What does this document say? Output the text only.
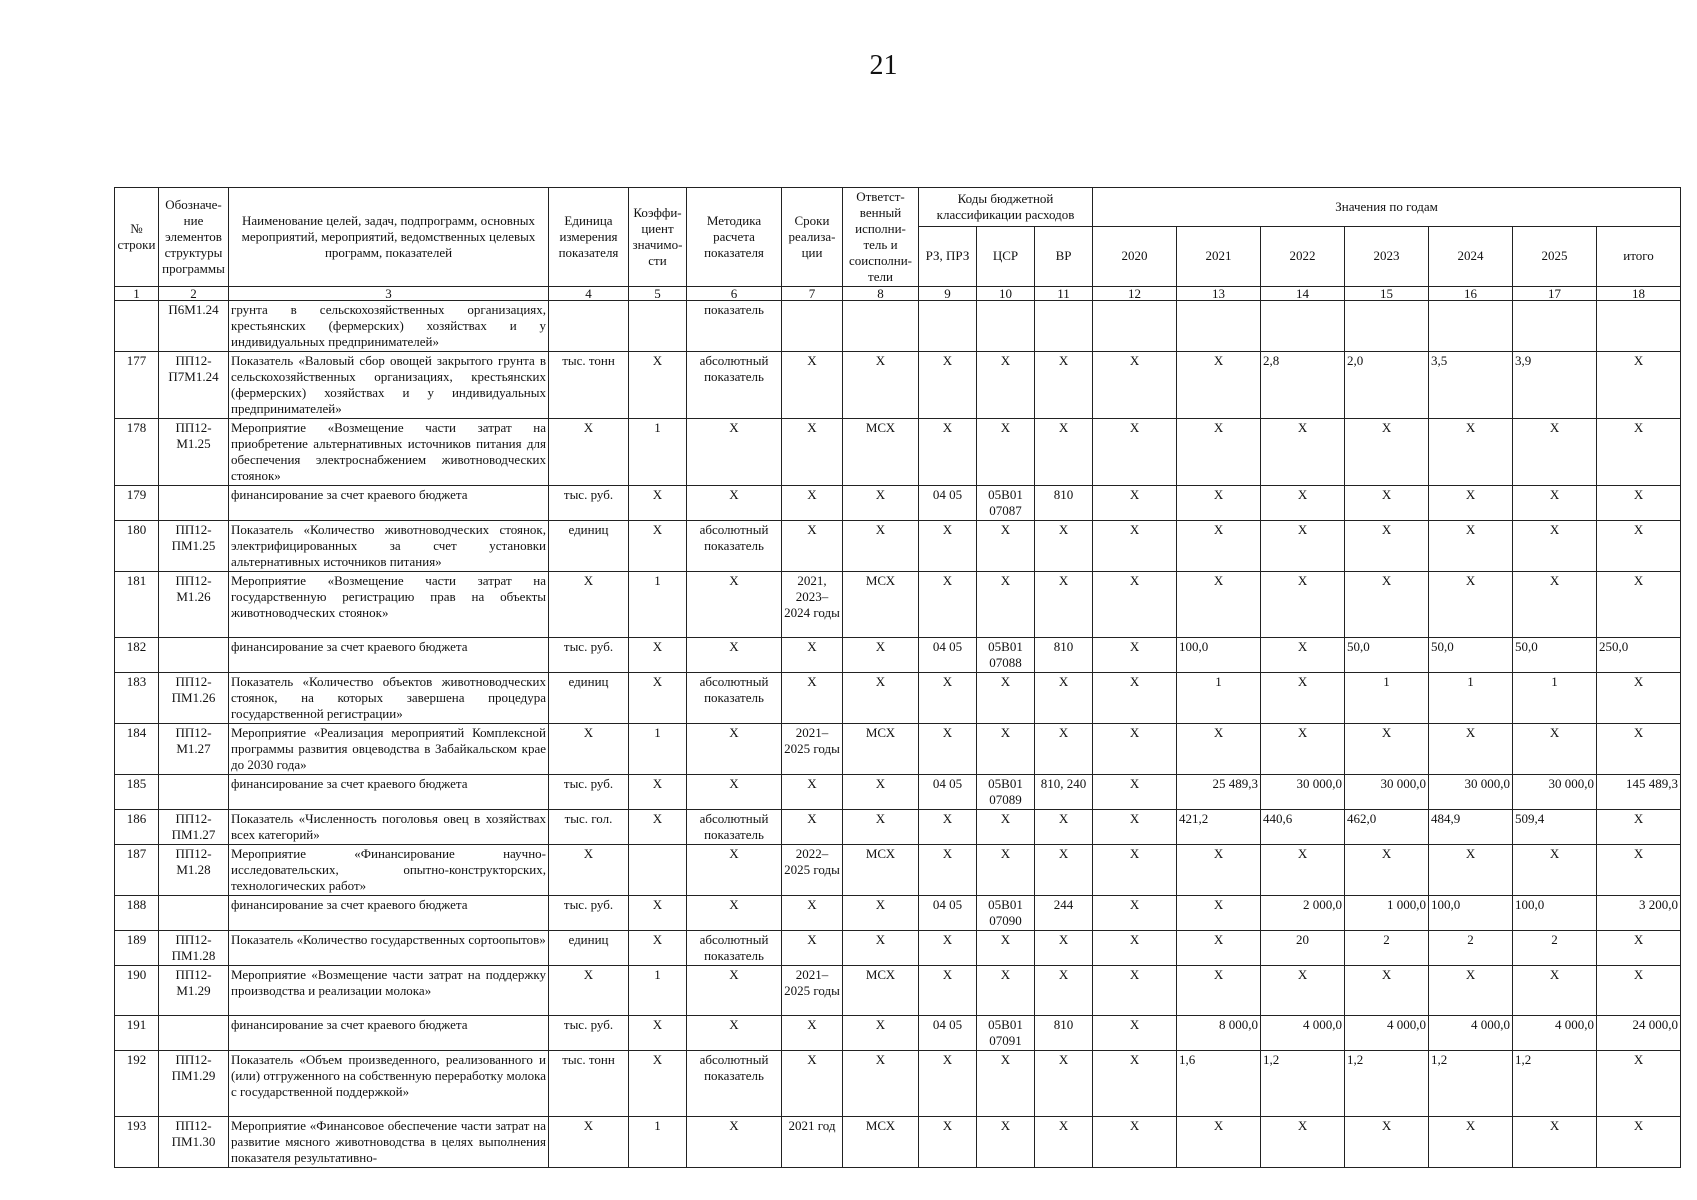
21
№ строки	Обозначе-ние элементов структуры программы	Наименование целей, задач, подпрограмм, основных мероприятий, мероприятий, ведомственных целевых программ, показателей	Единица измерения показателя	Коэффи-циент значимо-сти	Методика расчета показателя	Сроки реализа-ции	Ответст-венный исполни-тель и соисполни-тели	Коды бюджетной классификации расходов			Значения по годам						
								РЗ, ПРЗ	ЦСР	ВР	2020	2021	2022	2023	2024	2025	итого
1	2	3	4	5	6	7	8	9	10	11	12	13	14	15	16	17	18
	П6М1.24	грунта в сельскохозяйственных организациях, крестьянских (фермерских) хозяйствах и у индивидуальных предпринимателей»			показатель												
177	ПП12-П7М1.24	Показатель «Валовый сбор овощей закрытого грунта в сельскохозяйственных организациях, крестьянских (фермерских) хозяйствах и у индивидуальных предпринимателей»	тыс. тонн	Х	абсолютный показатель	Х	Х	Х	Х	Х	Х	Х	2,8	2,0	3,5	3,9	Х
178	ПП12-М1.25	Мероприятие «Возмещение части затрат на приобретение альтернативных источников питания для обеспечения электроснабжением животноводческих стоянок»	Х	1	Х	Х	МСХ	Х	Х	Х	Х	Х	Х	Х	Х	Х	Х
179		финансирование за счет краевого бюджета	тыс. руб.	Х	Х	Х	Х	04 05	05В01 07087	810	Х	Х	Х	Х	Х	Х	Х
180	ПП12-ПМ1.25	Показатель «Количество животноводческих стоянок, электрифицированных за счет установки альтернативных источников питания»	единиц	Х	абсолютный показатель	Х	Х	Х	Х	Х	Х	Х	Х	Х	Х	Х	Х
181	ПП12-М1.26	Мероприятие «Возмещение части затрат на государственную регистрацию прав на объекты животноводческих стоянок»	Х	1	Х	2021, 2023–2024 годы	МСХ	Х	Х	Х	Х	Х	Х	Х	Х	Х	Х
182		финансирование за счет краевого бюджета	тыс. руб.	Х	Х	Х	Х	04 05	05В01 07088	810	Х	100,0	Х	50,0	50,0	50,0	250,0
183	ПП12-ПМ1.26	Показатель «Количество объектов животноводческих стоянок, на которых завершена процедура государственной регистрации»	единиц	Х	абсолютный показатель	Х	Х	Х	Х	Х	Х	1	Х	1	1	1	Х
184	ПП12-М1.27	Мероприятие «Реализация мероприятий Комплексной программы развития овцеводства в Забайкальском крае до 2030 года»	Х	1	Х	2021–2025 годы	МСХ	Х	Х	Х	Х	Х	Х	Х	Х	Х	Х
185		финансирование за счет краевого бюджета	тыс. руб.	Х	Х	Х	Х	04 05	05В01 07089	810, 240	Х	25 489,3	30 000,0	30 000,0	30 000,0	30 000,0	145 489,3
186	ПП12-ПМ1.27	Показатель «Численность поголовья овец в хозяйствах всех категорий»	тыс. гол.	Х	абсолютный показатель	Х	Х	Х	Х	Х	Х	421,2	440,6	462,0	484,9	509,4	Х
187	ПП12-М1.28	Мероприятие «Финансирование научно-исследовательских, опытно-конструкторских, технологических работ»	Х		Х	2022–2025 годы	МСХ	Х	Х	Х	Х	Х	Х	Х	Х	Х	Х
188		финансирование за счет краевого бюджета	тыс. руб.	Х	Х	Х	Х	04 05	05В01 07090	244	Х	Х	2 000,0	1 000,0	100,0	100,0	3 200,0
189	ПП12-ПМ1.28	Показатель «Количество государственных сортоопытов»	единиц	Х	абсолютный показатель	Х	Х	Х	Х	Х	Х	Х	20	2	2	2	Х
190	ПП12-М1.29	Мероприятие «Возмещение части затрат на поддержку производства и реализации молока»	Х	1	Х	2021–2025 годы	МСХ	Х	Х	Х	Х	Х	Х	Х	Х	Х	Х
191		финансирование за счет краевого бюджета	тыс. руб.	Х	Х	Х	Х	04 05	05В01 07091	810	Х	8 000,0	4 000,0	4 000,0	4 000,0	4 000,0	24 000,0
192	ПП12-ПМ1.29	Показатель «Объем произведенного, реализованного и (или) отгруженного на собственную переработку молока с государственной поддержкой»	тыс. тонн	Х	абсолютный показатель	Х	Х	Х	Х	Х	Х	1,6	1,2	1,2	1,2	1,2	Х
193	ПП12-ПМ1.30	Мероприятие «Финансовое обеспечение части затрат на развитие мясного животноводства в целях выполнения показателя результативно-	Х	1	Х	2021 год	МСХ	Х	Х	Х	Х	Х	Х	Х	Х	Х	Х
